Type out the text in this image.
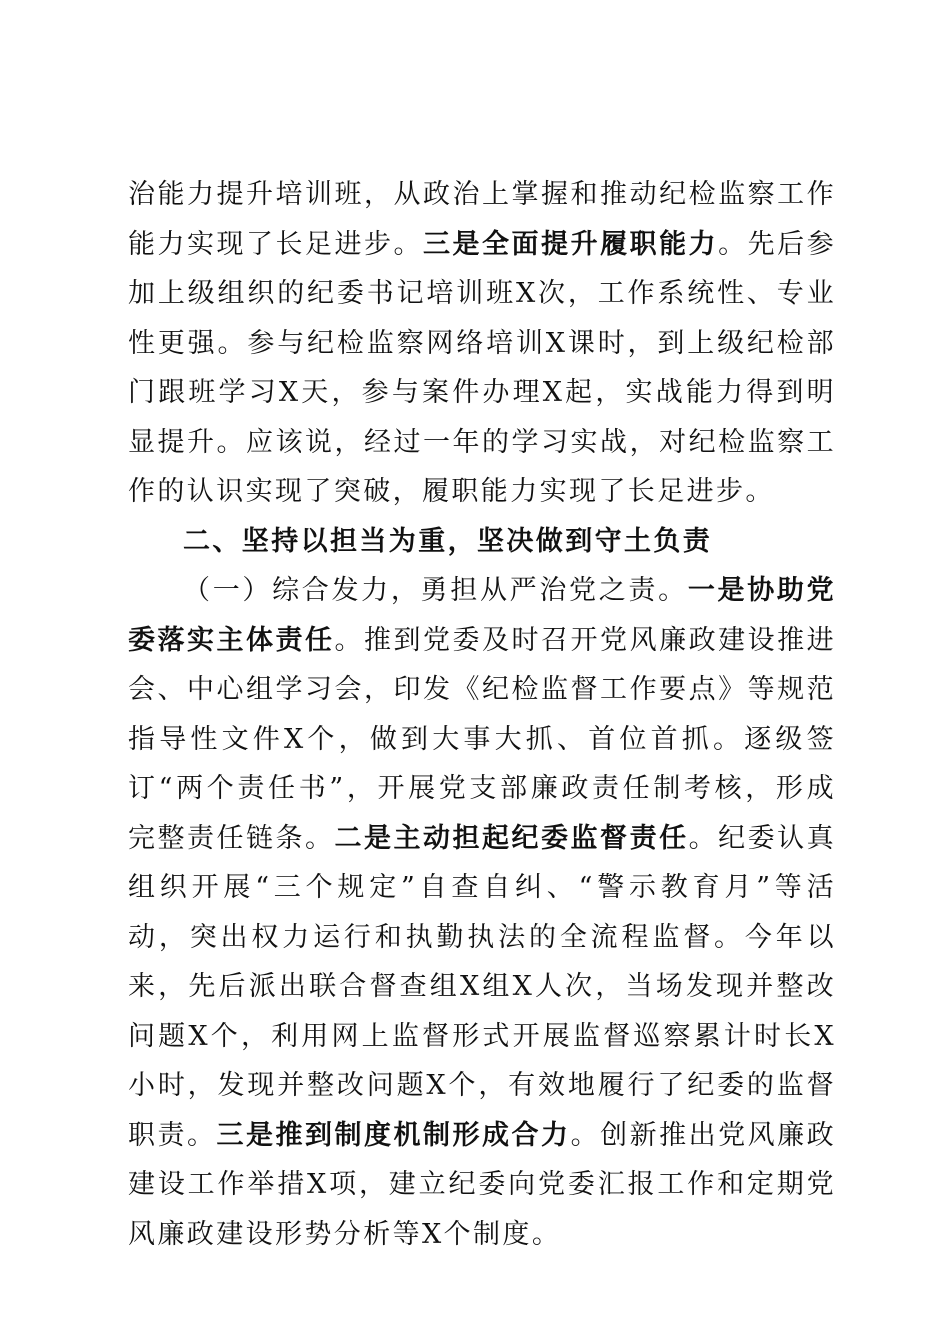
治能力提升培训班，从政治上掌握和推动纪检监察工作能力实现了长足进步。三是全面提升履职能力。先后参加上级组织的纪委书记培训班X次，工作系统性、专业性更强。参与纪检监察网络培训X课时，到上级纪检部门跟班学习X天，参与案件办理X起，实战能力得到明显提升。应该说，经过一年的学习实战，对纪检监察工作的认识实现了突破，履职能力实现了长足进步。

二、坚持以担当为重，坚决做到守土负责

（一）综合发力，勇担从严治党之责。一是协助党委落实主体责任。推到党委及时召开党风廉政建设推进会、中心组学习会，印发《纪检监督工作要点》等规范指导性文件X个，做到大事大抓、首位首抓。逐级签订“两个责任书”，开展党支部廉政责任制考核，形成完整责任链条。二是主动担起纪委监督责任。纪委认真组织开展“三个规定”自查自纠、“警示教育月”等活动，突出权力运行和执勤执法的全流程监督。今年以来，先后派出联合督查组X组X人次，当场发现并整改问题X个，利用网上监督形式开展监督巡察累计时长X小时，发现并整改问题X个，有效地履行了纪委的监督职责。三是推到制度机制形成合力。创新推出党风廉政建设工作举措X项，建立纪委向党委汇报工作和定期党风廉政建设形势分析等X个制度。
